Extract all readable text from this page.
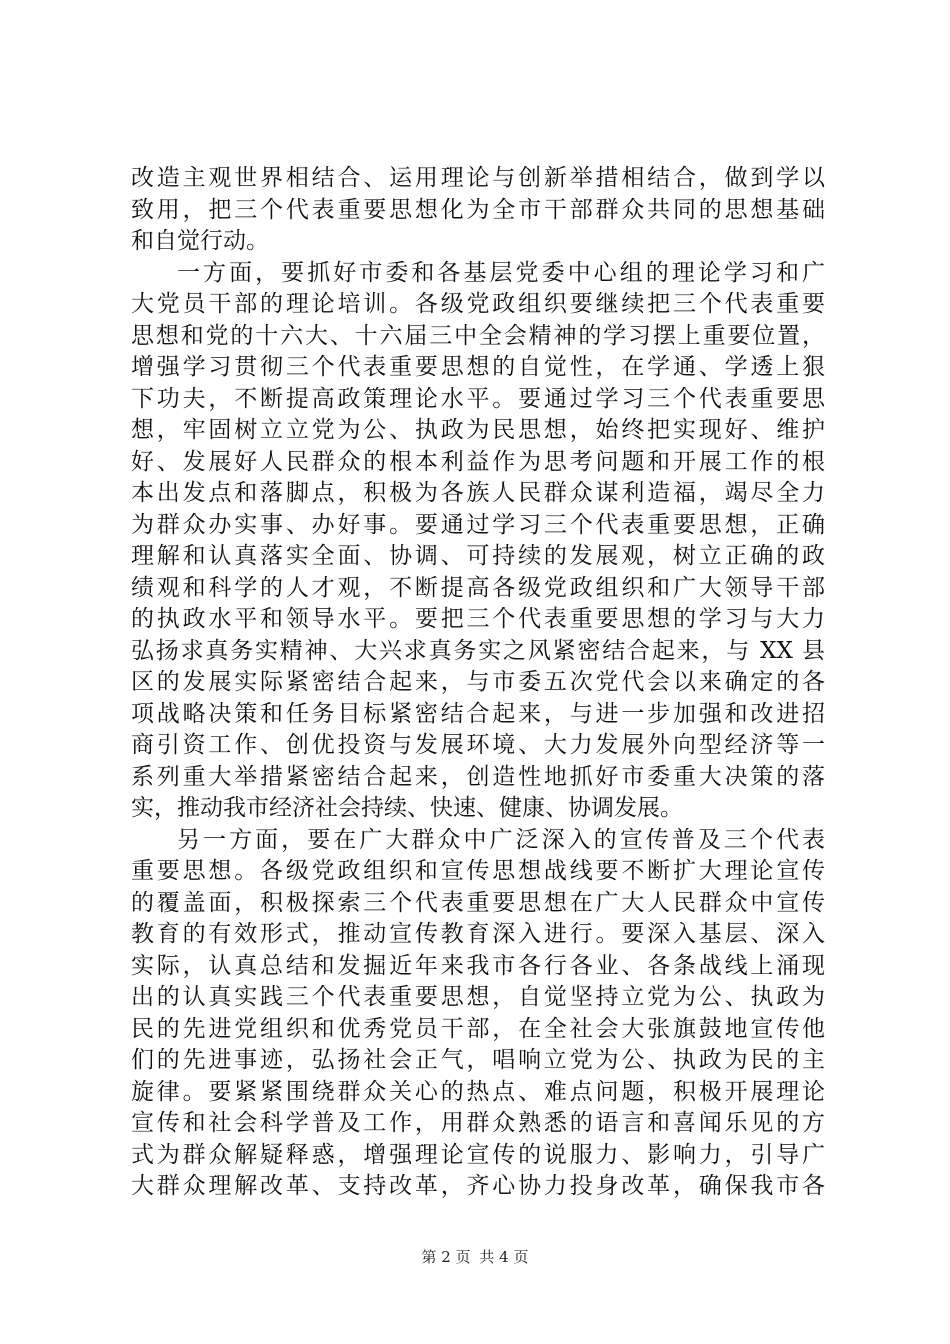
改造主观世界相结合、运用理论与创新举措相结合，做到学以
致用，把三个代表重要思想化为全市干部群众共同的思想基础
和自觉行动。
一方面，要抓好市委和各基层党委中心组的理论学习和广
大党员干部的理论培训。各级党政组织要继续把三个代表重要
思想和党的十六大、十六届三中全会精神的学习摆上重要位置，
增强学习贯彻三个代表重要思想的自觉性，在学通、学透上狠
下功夫，不断提高政策理论水平。要通过学习三个代表重要思
想，牢固树立立党为公、执政为民思想，始终把实现好、维护
好、发展好人民群众的根本利益作为思考问题和开展工作的根
本出发点和落脚点，积极为各族人民群众谋利造福，竭尽全力
为群众办实事、办好事。要通过学习三个代表重要思想，正确
理解和认真落实全面、协调、可持续的发展观，树立正确的政
绩观和科学的人才观，不断提高各级党政组织和广大领导干部
的执政水平和领导水平。要把三个代表重要思想的学习与大力
弘扬求真务实精神、大兴求真务实之风紧密结合起来，与 XX 县
区的发展实际紧密结合起来，与市委五次党代会以来确定的各
项战略决策和任务目标紧密结合起来，与进一步加强和改进招
商引资工作、创优投资与发展环境、大力发展外向型经济等一
系列重大举措紧密结合起来，创造性地抓好市委重大决策的落
实，推动我市经济社会持续、快速、健康、协调发展。
另一方面，要在广大群众中广泛深入的宣传普及三个代表
重要思想。各级党政组织和宣传思想战线要不断扩大理论宣传
的覆盖面，积极探索三个代表重要思想在广大人民群众中宣传
教育的有效形式，推动宣传教育深入进行。要深入基层、深入
实际，认真总结和发掘近年来我市各行各业、各条战线上涌现
出的认真实践三个代表重要思想，自觉坚持立党为公、执政为
民的先进党组织和优秀党员干部，在全社会大张旗鼓地宣传他
们的先进事迹，弘扬社会正气，唱响立党为公、执政为民的主
旋律。要紧紧围绕群众关心的热点、难点问题，积极开展理论
宣传和社会科学普及工作，用群众熟悉的语言和喜闻乐见的方
式为群众解疑释惑，增强理论宣传的说服力、影响力，引导广
大群众理解改革、支持改革，齐心协力投身改革，确保我市各
第 2 页 共 4 页
